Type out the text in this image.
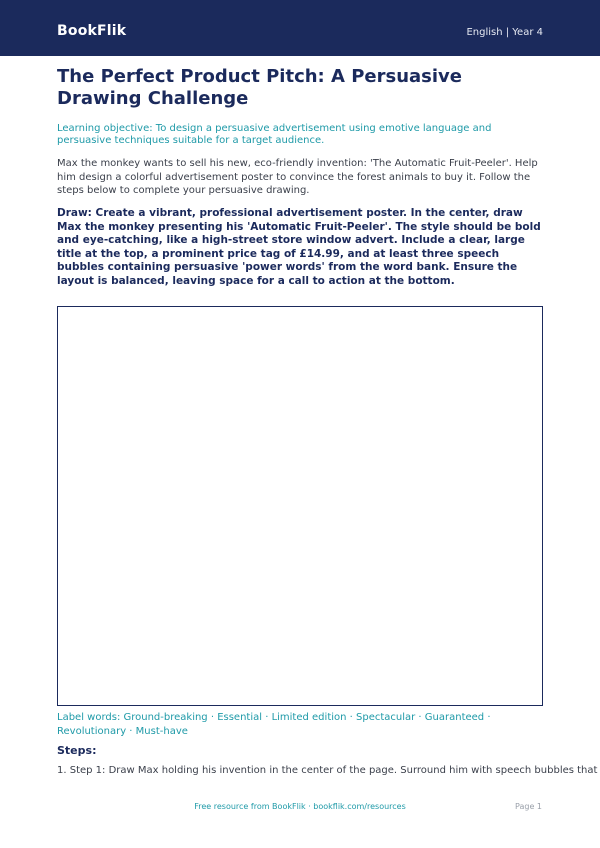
BookFlik	English | Year 4
The Perfect Product Pitch: A Persuasive Drawing Challenge

Learning objective: To design a persuasive advertisement using emotive language and persuasive techniques suitable for a target audience.

Max the monkey wants to sell his new, eco-friendly invention: 'The Automatic Fruit-Peeler'. Help him design a colorful advertisement poster to convince the forest animals to buy it. Follow the steps below to complete your persuasive drawing.

Draw: Create a vibrant, professional advertisement poster. In the center, draw Max the monkey presenting his 'Automatic Fruit-Peeler'. The style should be bold and eye-catching, like a high-street store window advert. Include a clear, large title at the top, a prominent price tag of £14.99, and at least three speech bubbles containing persuasive 'power words' from the word bank. Ensure the layout is balanced, leaving space for a call to action at the bottom.

Label words: Ground-breaking · Essential · Limited edition · Spectacular · Guaranteed · Revolutionary · Must-have

Steps:

1. Step 1: Draw Max holding his invention in the center of the page. Surround him with speech bubbles that

Free resource from BookFlik · bookflik.com/resources	Page 1
